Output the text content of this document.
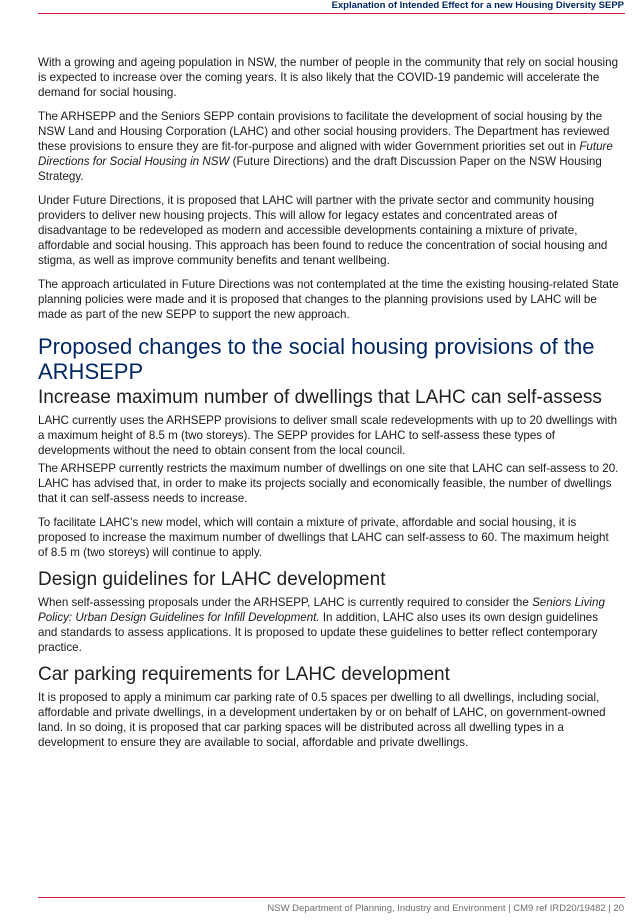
Explanation of Intended Effect for a new Housing Diversity SEPP

With a growing and ageing population in NSW, the number of people in the community that rely on social housing is expected to increase over the coming years. It is also likely that the COVID-19 pandemic will accelerate the demand for social housing.

The ARHSEPP and the Seniors SEPP contain provisions to facilitate the development of social housing by the NSW Land and Housing Corporation (LAHC) and other social housing providers. The Department has reviewed these provisions to ensure they are fit-for-purpose and aligned with wider Government priorities set out in Future Directions for Social Housing in NSW (Future Directions) and the draft Discussion Paper on the NSW Housing Strategy.

Under Future Directions, it is proposed that LAHC will partner with the private sector and community housing providers to deliver new housing projects. This will allow for legacy estates and concentrated areas of disadvantage to be redeveloped as modern and accessible developments containing a mixture of private, affordable and social housing. This approach has been found to reduce the concentration of social housing and stigma, as well as improve community benefits and tenant wellbeing.

The approach articulated in Future Directions was not contemplated at the time the existing housing-related State planning policies were made and it is proposed that changes to the planning provisions used by LAHC will be made as part of the new SEPP to support the new approach.

Proposed changes to the social housing provisions of the ARHSEPP
Increase maximum number of dwellings that LAHC can self-assess

LAHC currently uses the ARHSEPP provisions to deliver small scale redevelopments with up to 20 dwellings with a maximum height of 8.5 m (two storeys). The SEPP provides for LAHC to self-assess these types of developments without the need to obtain consent from the local council.

The ARHSEPP currently restricts the maximum number of dwellings on one site that LAHC can self-assess to 20. LAHC has advised that, in order to make its projects socially and economically feasible, the number of dwellings that it can self-assess needs to increase.

To facilitate LAHC’s new model, which will contain a mixture of private, affordable and social housing, it is proposed to increase the maximum number of dwellings that LAHC can self-assess to 60. The maximum height of 8.5 m (two storeys) will continue to apply.

Design guidelines for LAHC development

When self-assessing proposals under the ARHSEPP, LAHC is currently required to consider the Seniors Living Policy: Urban Design Guidelines for Infill Development. In addition, LAHC also uses its own design guidelines and standards to assess applications. It is proposed to update these guidelines to better reflect contemporary practice.

Car parking requirements for LAHC development

It is proposed to apply a minimum car parking rate of 0.5 spaces per dwelling to all dwellings, including social, affordable and private dwellings, in a development undertaken by or on behalf of LAHC, on government-owned land. In so doing, it is proposed that car parking spaces will be distributed across all dwelling types in a development to ensure they are available to social, affordable and private dwellings.

NSW Department of Planning, Industry and Environment | CM9 ref IRD20/19482 | 20
